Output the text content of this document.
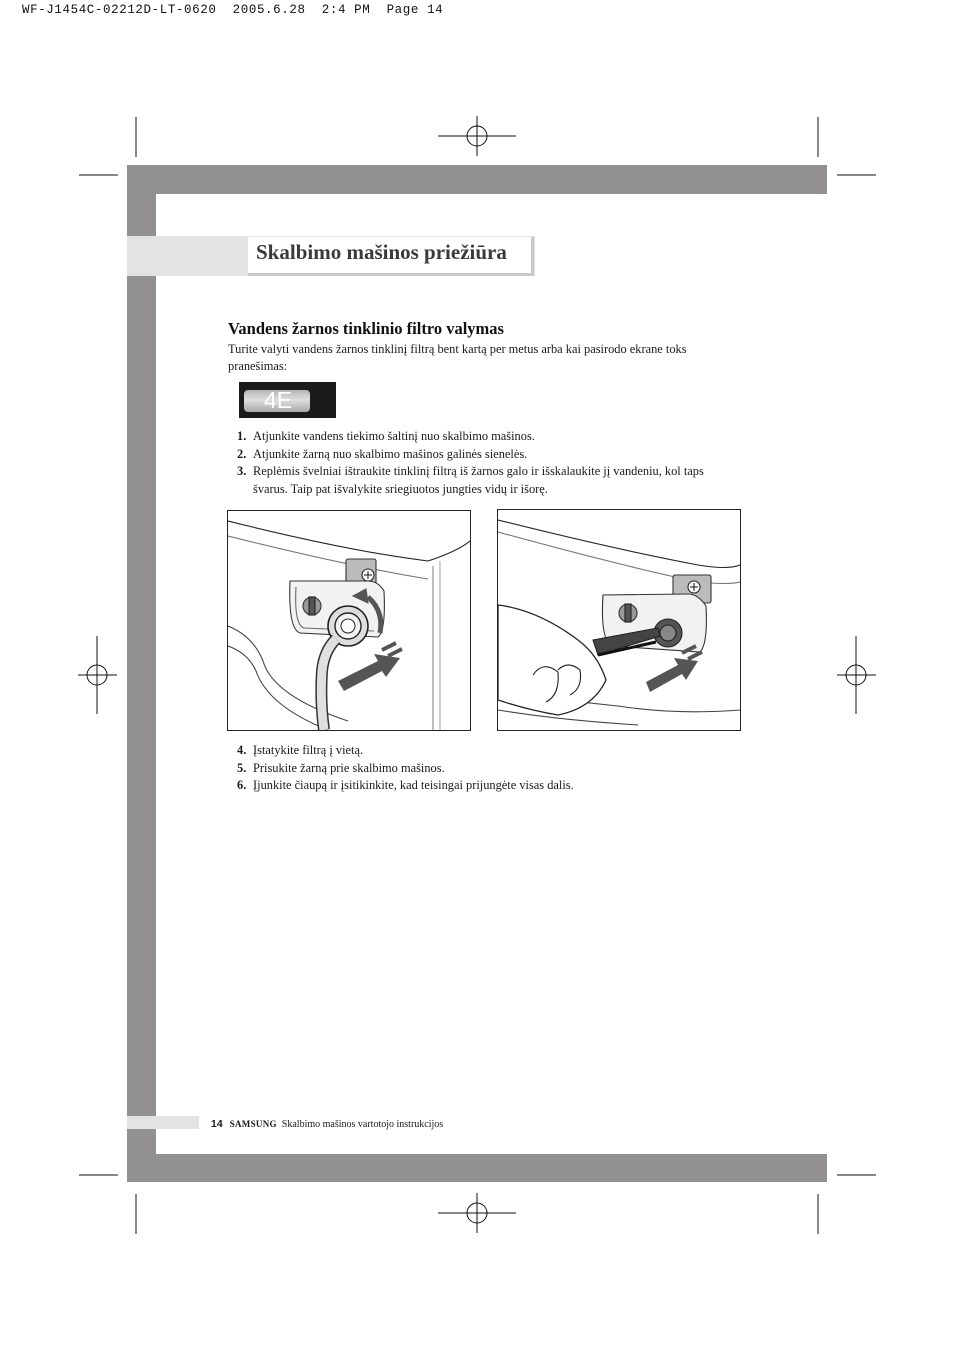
WF-J1454C-02212D-LT-0620 2005.6.28 2:4 PM Page 14
Skalbimo mašinos priežiūra
Vandens žarnos tinklinio filtro valymas

Turite valyti vandens žarnos tinklinį filtrą bent kartą per metus arba kai pasirodo ekrane toks pranešimas:

4E
1. Atjunkite vandens tiekimo šaltinį nuo skalbimo mašinos.
2. Atjunkite žarną nuo skalbimo mašinos galinės sienelės.
3. Replėmis švelniai ištraukite tinklinį filtrą iš žarnos galo ir išskalaukite jį vandeniu, kol taps švarus. Taip pat išvalykite sriegiuotos jungties vidų ir išorę.
4. Įstatykite filtrą į vietą.
5. Prisukite žarną prie skalbimo mašinos.
6. Įjunkite čiaupą ir įsitikinkite, kad teisingai prijungėte visas dalis.
14 SAMSUNG Skalbimo mašinos vartotojo instrukcijos
